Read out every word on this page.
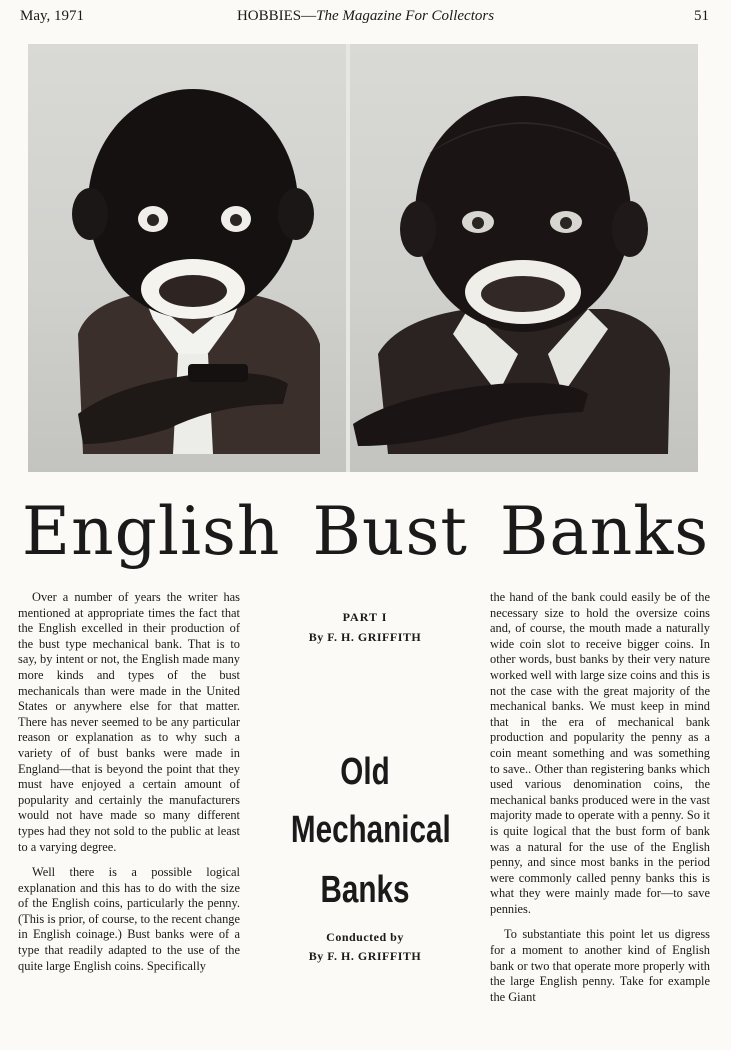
May, 1971	HOBBIES—The Magazine For Collectors	51
English Bust Banks

Over a number of years the writer has mentioned at appropriate times the fact that the English excelled in their production of the bust type mechanical bank. That is to say, by intent or not, the English made many more kinds and types of the bust mechanicals than were made in the United States or anywhere else for that matter. There has never seemed to be any particular reason or explanation as to why such a variety of of bust banks were made in England—that is beyond the point that they must have enjoyed a certain amount of popularity and certainly the manufacturers would not have made so many different types had they not sold to the public at least to a varying degree.

Well there is a possible logical explanation and this has to do with the size of the English coins, particularly the penny. (This is prior, of course, to the recent change in English coinage.) Bust banks were of a type that readily adapted to the use of the quite large English coins. Specifically

PART I
By F. H. GRIFFITH
Old
Mechanical
Banks
Conducted by
By F. H. GRIFFITH

the hand of the bank could easily be of the necessary size to hold the oversize coins and, of course, the mouth made a naturally wide coin slot to receive bigger coins. In other words, bust banks by their very nature worked well with large size coins and this is not the case with the great majority of the mechanical banks. We must keep in mind that in the era of mechanical bank production and popularity the penny as a coin meant something and was something to save.. Other than registering banks which used various denomination coins, the mechanical banks produced were in the vast majority made to operate with a penny. So it is quite logical that the bust form of bank was a natural for the use of the English penny, and since most banks in the period were commonly called penny banks this is what they were mainly made for—to save pennies.

To substantiate this point let us digress for a moment to another kind of English bank or two that operate more properly with the large English penny. Take for example the Giant
